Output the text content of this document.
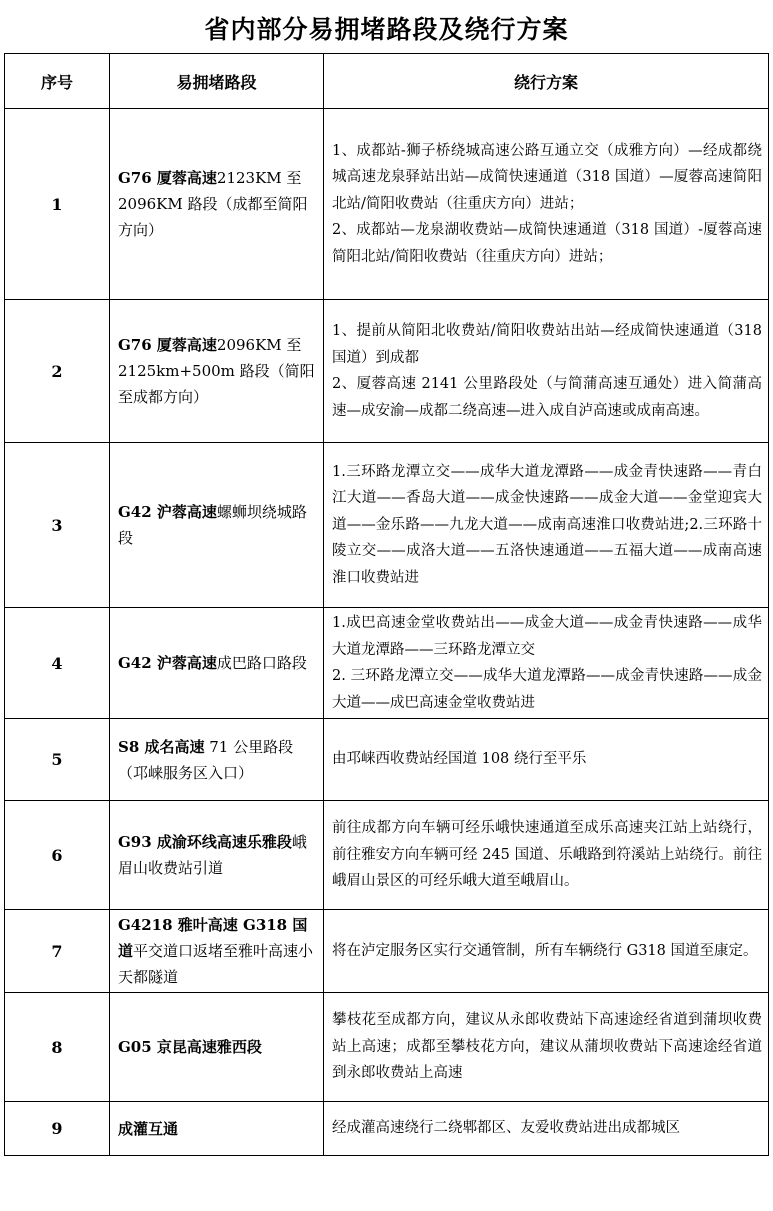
省内部分易拥堵路段及绕行方案
序号	易拥堵路段	绕行方案
1	G76 厦蓉高速2123KM 至 2096KM 路段（成都至简阳方向）	1、成都站-狮子桥绕城高速公路互通立交（成雅方向）—经成都绕城高速龙泉驿站出站—成简快速通道（318 国道）—厦蓉高速简阳北站/简阳收费站（往重庆方向）进站；
2、成都站—龙泉湖收费站—成简快速通道（318 国道）-厦蓉高速简阳北站/简阳收费站（往重庆方向）进站；
2	G76 厦蓉高速2096KM 至 2125km+500m 路段（简阳至成都方向）	1、提前从简阳北收费站/简阳收费站出站—经成简快速通道（318 国道）到成都
2、厦蓉高速 2141 公里路段处（与简蒲高速互通处）进入简蒲高速—成安渝—成都二绕高速—进入成自泸高速或成南高速。
3	G42 沪蓉高速螺蛳坝绕城路段	1.三环路龙潭立交——成华大道龙潭路——成金青快速路——青白江大道——香岛大道——成金快速路——成金大道——金堂迎宾大道——金乐路——九龙大道——成南高速淮口收费站进;2.三环路十陵立交——成洛大道——五洛快速通道——五福大道——成南高速淮口收费站进
4	G42 沪蓉高速成巴路口路段	1.成巴高速金堂收费站出——成金大道——成金青快速路——成华大道龙潭路——三环路龙潭立交
2. 三环路龙潭立交——成华大道龙潭路——成金青快速路——成金大道——成巴高速金堂收费站进
5	S8 成名高速 71 公里路段（邛崃服务区入口）	由邛崃西收费站经国道 108 绕行至平乐
6	G93 成渝环线高速乐雅段峨眉山收费站引道	前往成都方向车辆可经乐峨快速通道至成乐高速夹江站上站绕行，前往雅安方向车辆可经 245 国道、乐峨路到符溪站上站绕行。前往峨眉山景区的可经乐峨大道至峨眉山。
7	G4218 雅叶高速 G318 国道平交道口返堵至雅叶高速小天都隧道	将在泸定服务区实行交通管制，所有车辆绕行 G318 国道至康定。
8	G05 京昆高速雅西段	攀枝花至成都方向，建议从永郎收费站下高速途经省道到蒲坝收费站上高速；成都至攀枝花方向，建议从蒲坝收费站下高速途经省道到永郎收费站上高速
9	成灌互通	经成灌高速绕行二绕郫都区、友爱收费站进出成都城区
